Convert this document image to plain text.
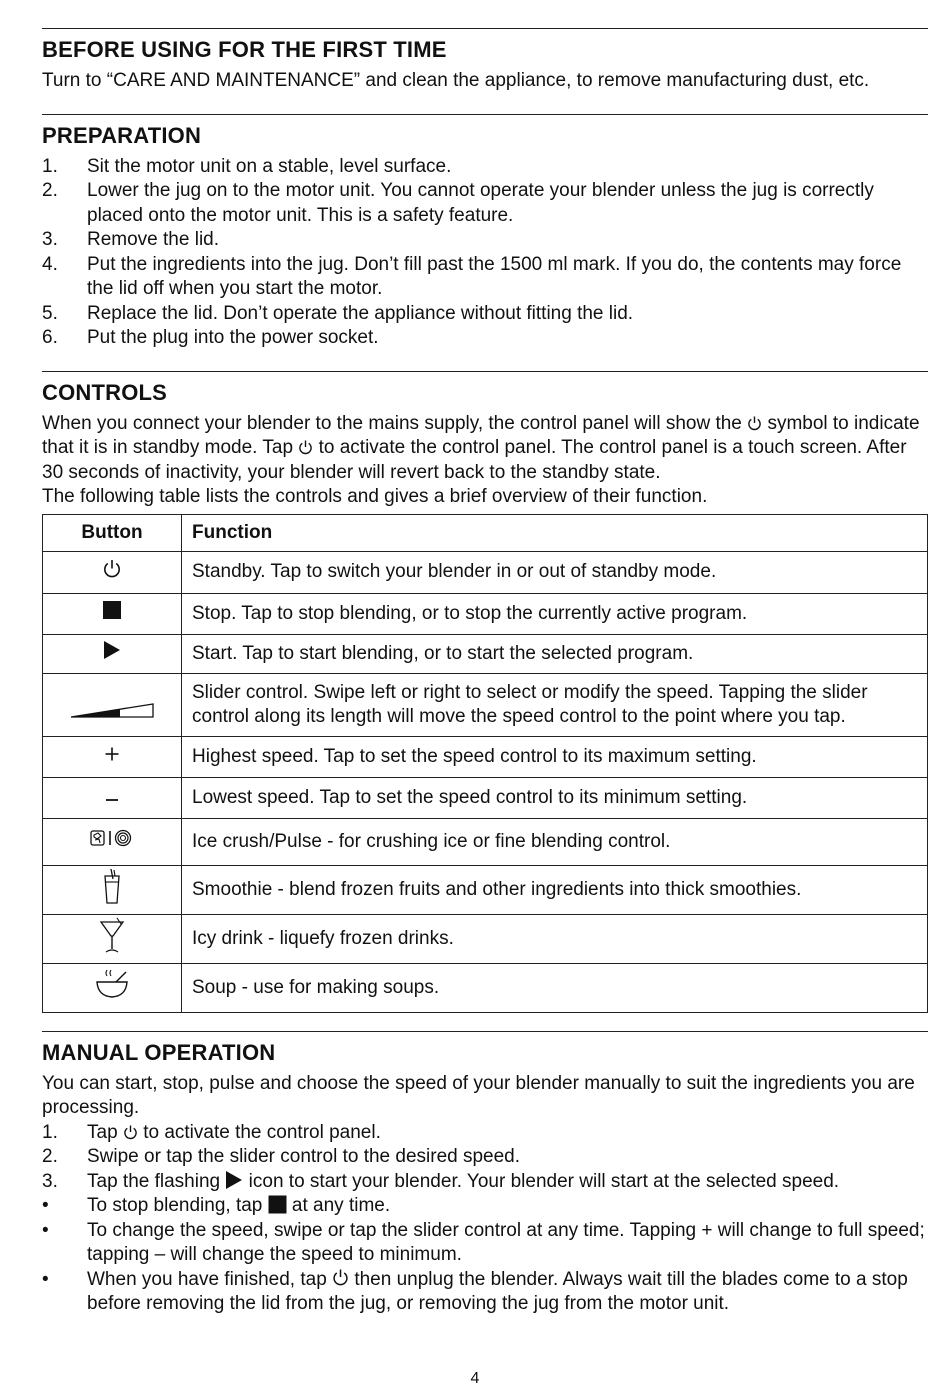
BEFORE USING FOR THE FIRST TIME

Turn to “CARE AND MAINTENANCE” and clean the appliance, to remove manufacturing dust, etc.

PREPARATION
1.	Sit the motor unit on a stable, level surface.
2.	Lower the jug on to the motor unit. You cannot operate your blender unless the jug is correctly placed onto the motor unit. This is a safety feature.
3.	Remove the lid.
4.	Put the ingredients into the jug. Don’t fill past the 1500 ml mark. If you do, the contents may force the lid off when you start the motor.
5.	Replace the lid. Don’t operate the appliance without fitting the lid.
6.	Put the plug into the power socket.
CONTROLS

When you connect your blender to the mains supply, the control panel will show the symbol to indicate that it is in standby mode. Tap to activate the control panel. The control panel is a touch screen. After 30 seconds of inactivity, your blender will revert back to the standby state.

The following table lists the controls and gives a brief overview of their function.

Button	Function
	Standby. Tap to switch your blender in or out of standby mode.
	Stop. Tap to stop blending, or to stop the currently active program.
	Start. Tap to start blending, or to start the selected program.
	Slider control. Swipe left or right to select or modify the speed. Tapping the slider control along its length will move the speed control to the point where you tap.
	Highest speed. Tap to set the speed control to its maximum setting.
	Lowest speed. Tap to set the speed control to its minimum setting.
	Ice crush/Pulse - for crushing ice or fine blending control.
	Smoothie - blend frozen fruits and other ingredients into thick smoothies.
	Icy drink - liquefy frozen drinks.
	Soup - use for making soups.
MANUAL OPERATION

You can start, stop, pulse and choose the speed of your blender manually to suit the ingredients you are processing.

1.	Tap to activate the control panel.
2.	Swipe or tap the slider control to the desired speed.
3.	Tap the flashing icon to start your blender. Your blender will start at the selected speed.
•	To stop blending, tap at any time.
•	To change the speed, swipe or tap the slider control at any time. Tapping + will change to full speed; tapping – will change the speed to minimum.
•	When you have finished, tap then unplug the blender. Always wait till the blades come to a stop before removing the lid from the jug, or removing the jug from the motor unit.
4
